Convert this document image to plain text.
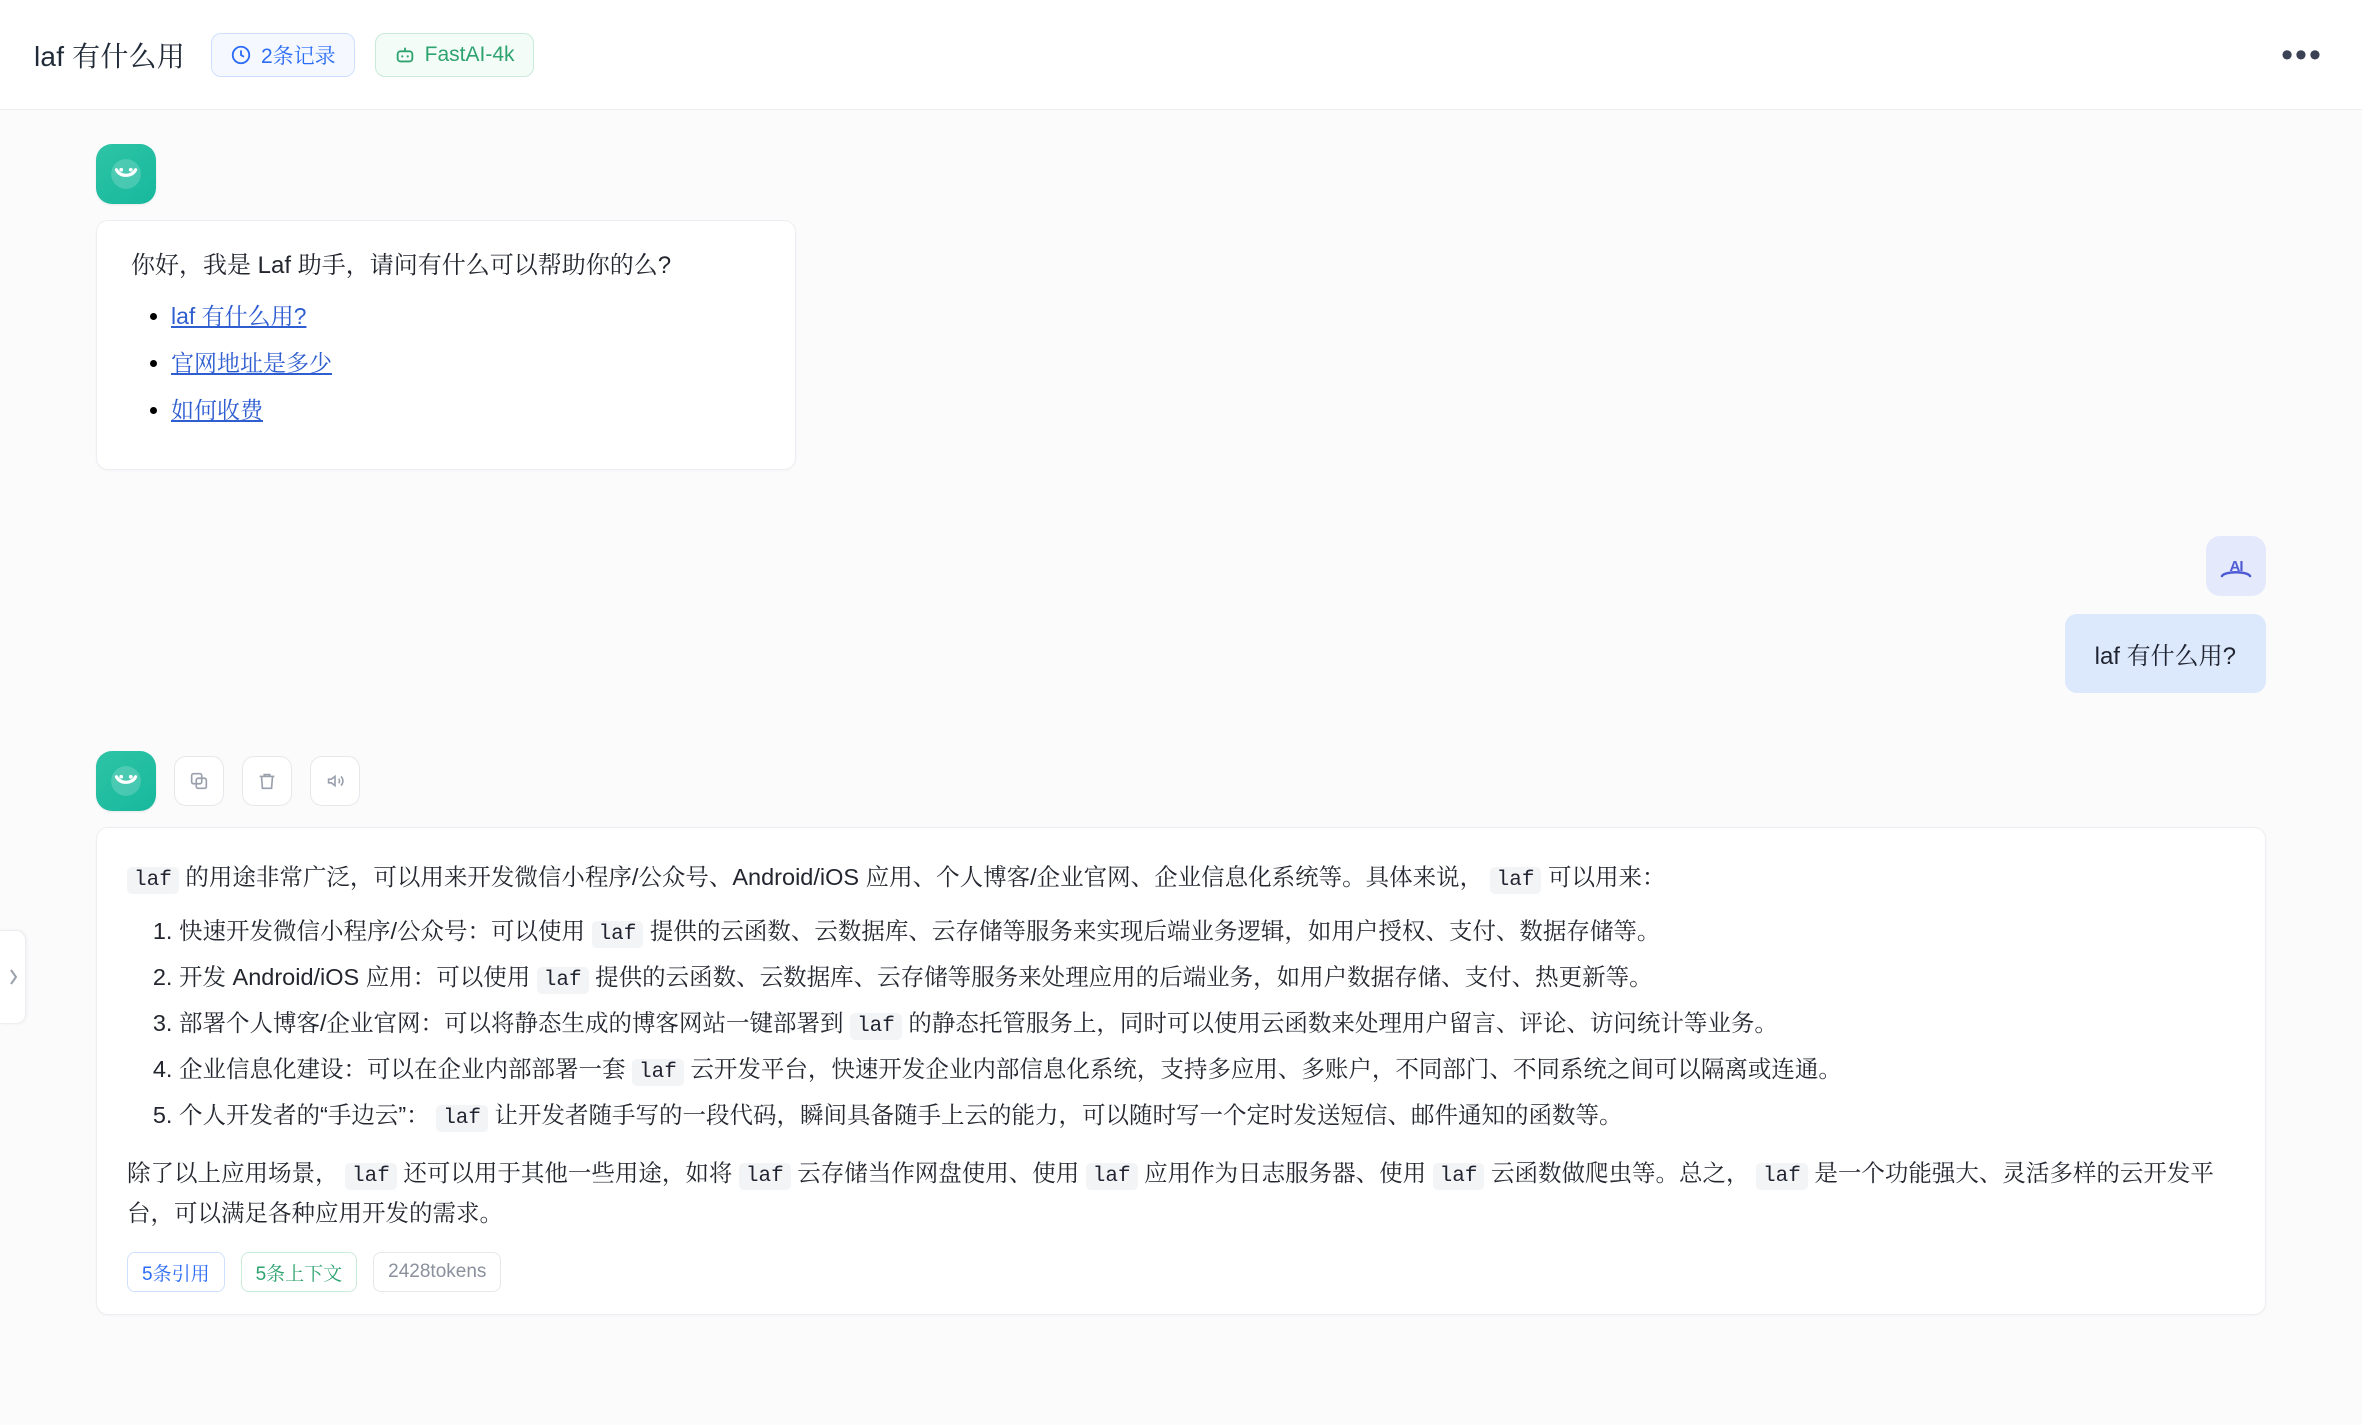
laf 有什么用	2条记录	FastAI-4k	•••
你好，我是 Laf 助手，请问有什么可以帮助你的么?
• laf 有什么用?
• 官网地址是多少
• 如何收费
AI
laf 有什么用?

laf 的用途非常广泛，可以用来开发微信小程序/公众号、Android/iOS 应用、个人博客/企业官网、企业信息化系统等。具体来说， laf 可以用来：

1. 快速开发微信小程序/公众号：可以使用 laf 提供的云函数、云数据库、云存储等服务来实现后端业务逻辑，如用户授权、支付、数据存储等。
2. 开发 Android/iOS 应用：可以使用 laf 提供的云函数、云数据库、云存储等服务来处理应用的后端业务，如用户数据存储、支付、热更新等。
3. 部署个人博客/企业官网：可以将静态生成的博客网站一键部署到 laf 的静态托管服务上，同时可以使用云函数来处理用户留言、评论、访问统计等业务。
4. 企业信息化建设：可以在企业内部部署一套 laf 云开发平台，快速开发企业内部信息化系统，支持多应用、多账户，不同部门、不同系统之间可以隔离或连通。
5. 个人开发者的“手边云”： laf 让开发者随手写的一段代码，瞬间具备随手上云的能力，可以随时写一个定时发送短信、邮件通知的函数等。

除了以上应用场景， laf 还可以用于其他一些用途，如将 laf 云存储当作网盘使用、使用 laf 应用作为日志服务器、使用 laf 云函数做爬虫等。总之， laf 是一个功能强大、灵活多样的云开发平台，可以满足各种应用开发的需求。

5条引用	5条上下文	2428tokens
